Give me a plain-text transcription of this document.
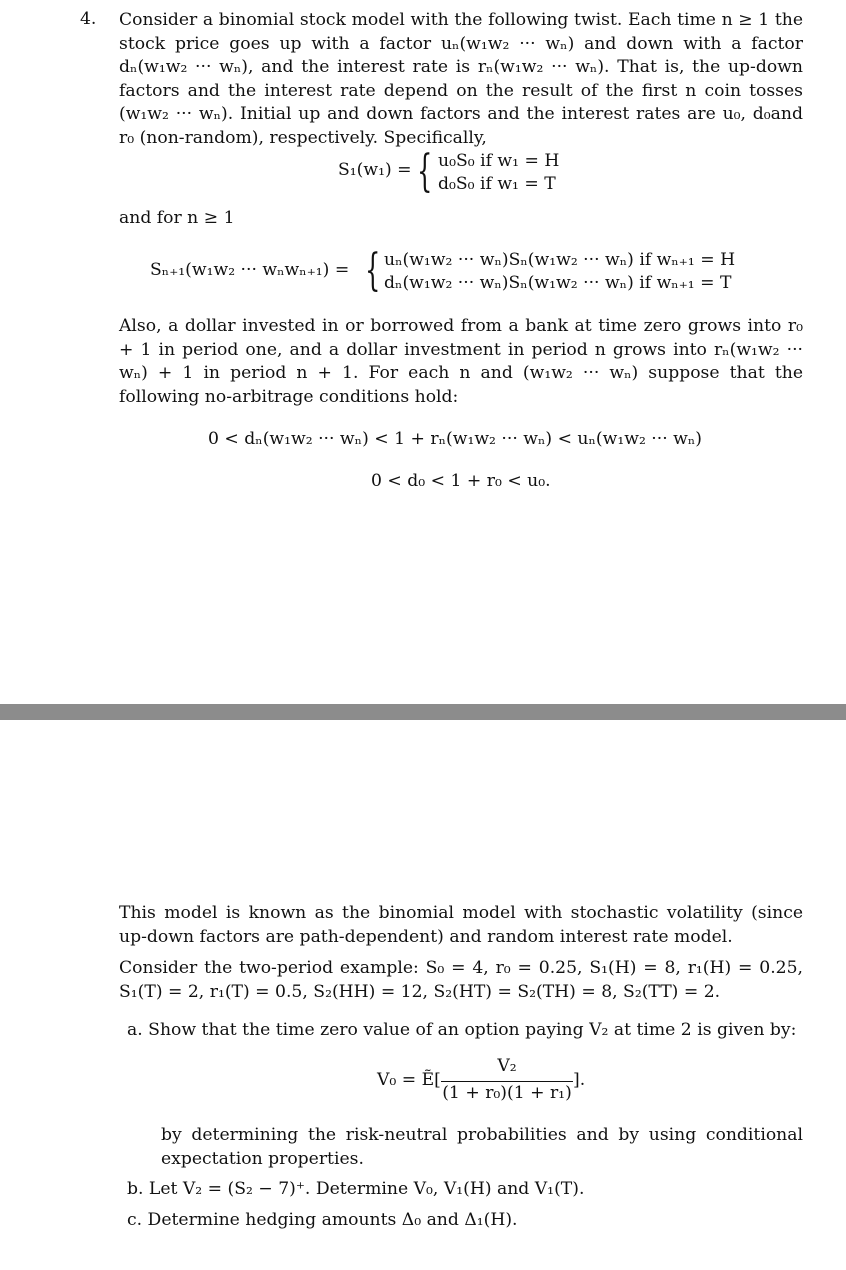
4. Consider a binomial stock model with the following twist. Each time n ≥ 1 the stock price goes up with a factor uₙ(w₁w₂ ··· wₙ) and down with a factor dₙ(w₁w₂ ··· wₙ), and the interest rate is rₙ(w₁w₂ ··· wₙ). That is, the up-down factors and the interest rate depend on the result of the first n coin tosses (w₁w₂ ··· wₙ). Initial up and down factors and the interest rates are u₀, d₀and r₀ (non-random), respectively. Specifically,
S₁(w₁) = { u₀S₀ if w₁ = H
d₀S₀ if w₁ = T
and for n ≥ 1
Sₙ₊₁(w₁w₂ ··· wₙwₙ₊₁) = { uₙ(w₁w₂ ··· wₙ)Sₙ(w₁w₂ ··· wₙ) if wₙ₊₁ = H
dₙ(w₁w₂ ··· wₙ)Sₙ(w₁w₂ ··· wₙ) if wₙ₊₁ = T
Also, a dollar invested in or borrowed from a bank at time zero grows into r₀ + 1 in period one, and a dollar investment in period n grows into rₙ(w₁w₂ ··· wₙ) + 1 in period n + 1. For each n and (w₁w₂ ··· wₙ) suppose that the following no-arbitrage conditions hold:
0 < dₙ(w₁w₂ ··· wₙ) < 1 + rₙ(w₁w₂ ··· wₙ) < uₙ(w₁w₂ ··· wₙ)
0 < d₀ < 1 + r₀ < u₀.
This model is known as the binomial model with stochastic volatility (since up-down factors are path-dependent) and random interest rate model.
Consider the two-period example: S₀ = 4, r₀ = 0.25, S₁(H) = 8, r₁(H) = 0.25, S₁(T) = 2, r₁(T) = 0.5, S₂(HH) = 12, S₂(HT) = S₂(TH) = 8, S₂(TT) = 2.
a. Show that the time zero value of an option paying V₂ at time 2 is given by:
V₀ = Ẽ[
V₂
(1 + r₀)(1 + r₁)
].
by determining the risk-neutral probabilities and by using conditional expectation properties.
b. Let V₂ = (S₂ − 7)⁺. Determine V₀, V₁(H) and V₁(T).
c. Determine hedging amounts Δ₀ and Δ₁(H).
